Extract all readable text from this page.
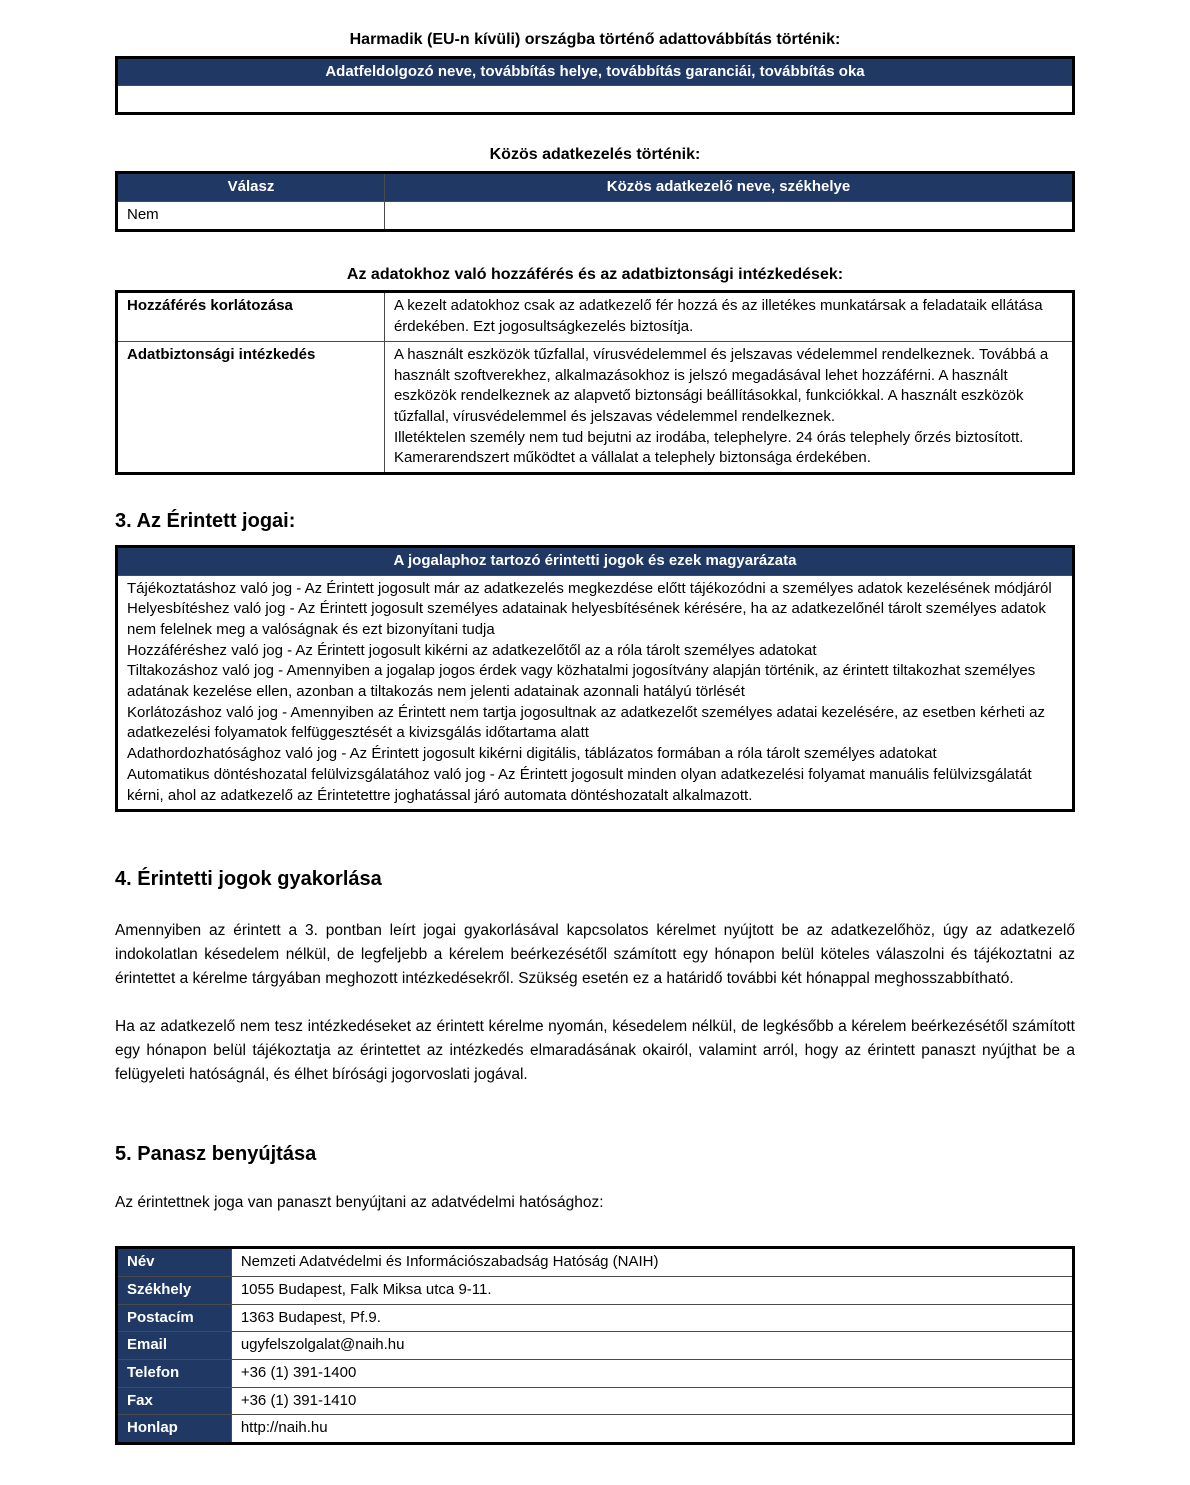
Harmadik (EU-n kívüli) országba történő adattovábbítás történik:
Adatfeldolgozó neve, továbbítás helye, továbbítás garanciái, továbbítás oka

Közös adatkezelés történik:
Válasz	Közös adatkezelő neve, székhelye
Nem	
Az adatokhoz való hozzáférés és az adatbiztonsági intézkedések:
Hozzáférés korlátozása	A kezelt adatokhoz csak az adatkezelő fér hozzá és az illetékes munkatársak a feladataik ellátása érdekében. Ezt jogosultságkezelés biztosítja.

Adatbiztonsági intézkedés	A használt eszközök tűzfallal, vírusvédelemmel és jelszavas védelemmel rendelkeznek. Továbbá a használt szoftverekhez, alkalmazásokhoz is jelszó megadásával lehet hozzáférni. A használt eszközök rendelkeznek az alapvető biztonsági beállításokkal, funkciókkal. A használt eszközök tűzfallal, vírusvédelemmel és jelszavas védelemmel rendelkeznek.
Illetéktelen személy nem tud bejutni az irodába, telephelyre. 24 órás telephely őrzés biztosított. Kamerarendszert működtet a vállalat a telephely biztonsága érdekében.
3. Az Érintett jogai:
A jogalaphoz tartozó érintetti jogok és ezek magyarázata

Tájékoztatáshoz való jog - Az Érintett jogosult már az adatkezelés megkezdése előtt tájékozódni a személyes adatok kezelésének módjáról
Helyesbítéshez való jog - Az Érintett jogosult személyes adatainak helyesbítésének kérésére, ha az adatkezelőnél tárolt személyes adatok nem felelnek meg a valóságnak és ezt bizonyítani tudja
Hozzáféréshez való jog - Az Érintett jogosult kikérni az adatkezelőtől az a róla tárolt személyes adatokat
Tiltakozáshoz való jog - Amennyiben a jogalap jogos érdek vagy közhatalmi jogosítvány alapján történik, az érintett tiltakozhat személyes adatának kezelése ellen, azonban a tiltakozás nem jelenti adatainak azonnali hatályú törlését
Korlátozáshoz való jog - Amennyiben az Érintett nem tartja jogosultnak az adatkezelőt személyes adatai kezelésére, az esetben kérheti az adatkezelési folyamatok felfüggesztését a kivizsgálás időtartama alatt
Adathordozhatósághoz való jog - Az Érintett jogosult kikérni digitális, táblázatos formában a róla tárolt személyes adatokat
Automatikus döntéshozatal felülvizsgálatához való jog - Az Érintett jogosult minden olyan adatkezelési folyamat manuális felülvizsgálatát kérni, ahol az adatkezelő az Érintetettre joghatással járó automata döntéshozatalt alkalmazott.
4. Érintetti jogok gyakorlása

Amennyiben az érintett a 3. pontban leírt jogai gyakorlásával kapcsolatos kérelmet nyújtott be az adatkezelőhöz, úgy az adatkezelő indokolatlan késedelem nélkül, de legfeljebb a kérelem beérkezésétől számított egy hónapon belül köteles válaszolni és tájékoztatni az érintettet a kérelme tárgyában meghozott intézkedésekről. Szükség esetén ez a határidő további két hónappal meghosszabbítható.

Ha az adatkezelő nem tesz intézkedéseket az érintett kérelme nyomán, késedelem nélkül, de legkésőbb a kérelem beérkezésétől számított egy hónapon belül tájékoztatja az érintettet az intézkedés elmaradásának okairól, valamint arról, hogy az érintett panaszt nyújthat be a felügyeleti hatóságnál, és élhet bírósági jogorvoslati jogával.

5. Panasz benyújtása

Az érintettnek joga van panaszt benyújtani az adatvédelmi hatósághoz:

Név	Nemzeti Adatvédelmi és Információszabadság Hatóság (NAIH)
Székhely	1055 Budapest, Falk Miksa utca 9-11.
Postacím	1363 Budapest, Pf.9.
Email	ugyfelszolgalat@naih.hu
Telefon	+36 (1) 391-1400
Fax	+36 (1) 391-1410
Honlap	http://naih.hu
